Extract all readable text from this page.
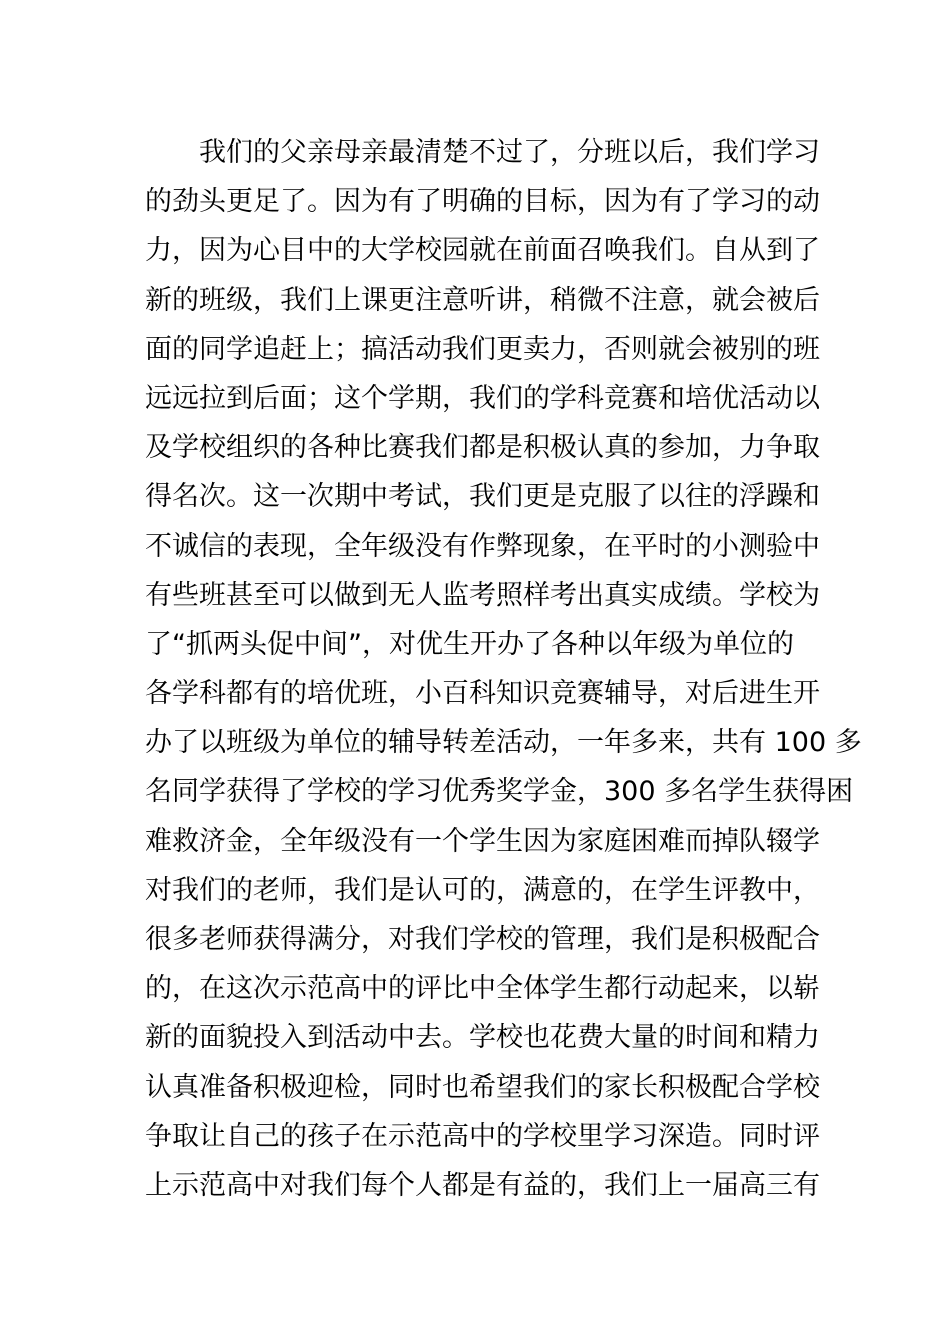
我们的父亲母亲最清楚不过了，分班以后，我们学习
的劲头更足了。因为有了明确的目标，因为有了学习的动
力，因为心目中的大学校园就在前面召唤我们。自从到了
新的班级，我们上课更注意听讲，稍微不注意，就会被后
面的同学追赶上；搞活动我们更卖力，否则就会被别的班
远远拉到后面；这个学期，我们的学科竞赛和培优活动以
及学校组织的各种比赛我们都是积极认真的参加，力争取
得名次。这一次期中考试，我们更是克服了以往的浮躁和
不诚信的表现，全年级没有作弊现象，在平时的小测验中
有些班甚至可以做到无人监考照样考出真实成绩。学校为
了“抓两头促中间”，对优生开办了各种以年级为单位的
各学科都有的培优班，小百科知识竞赛辅导，对后进生开
办了以班级为单位的辅导转差活动，一年多来，共有 100 多
名同学获得了学校的学习优秀奖学金，300 多名学生获得困
难救济金，全年级没有一个学生因为家庭困难而掉队辍学
对我们的老师，我们是认可的，满意的，在学生评教中，
很多老师获得满分，对我们学校的管理，我们是积极配合
的，在这次示范高中的评比中全体学生都行动起来，以崭
新的面貌投入到活动中去。学校也花费大量的时间和精力
认真准备积极迎检，同时也希望我们的家长积极配合学校
争取让自己的孩子在示范高中的学校里学习深造。同时评
上示范高中对我们每个人都是有益的，我们上一届高三有
